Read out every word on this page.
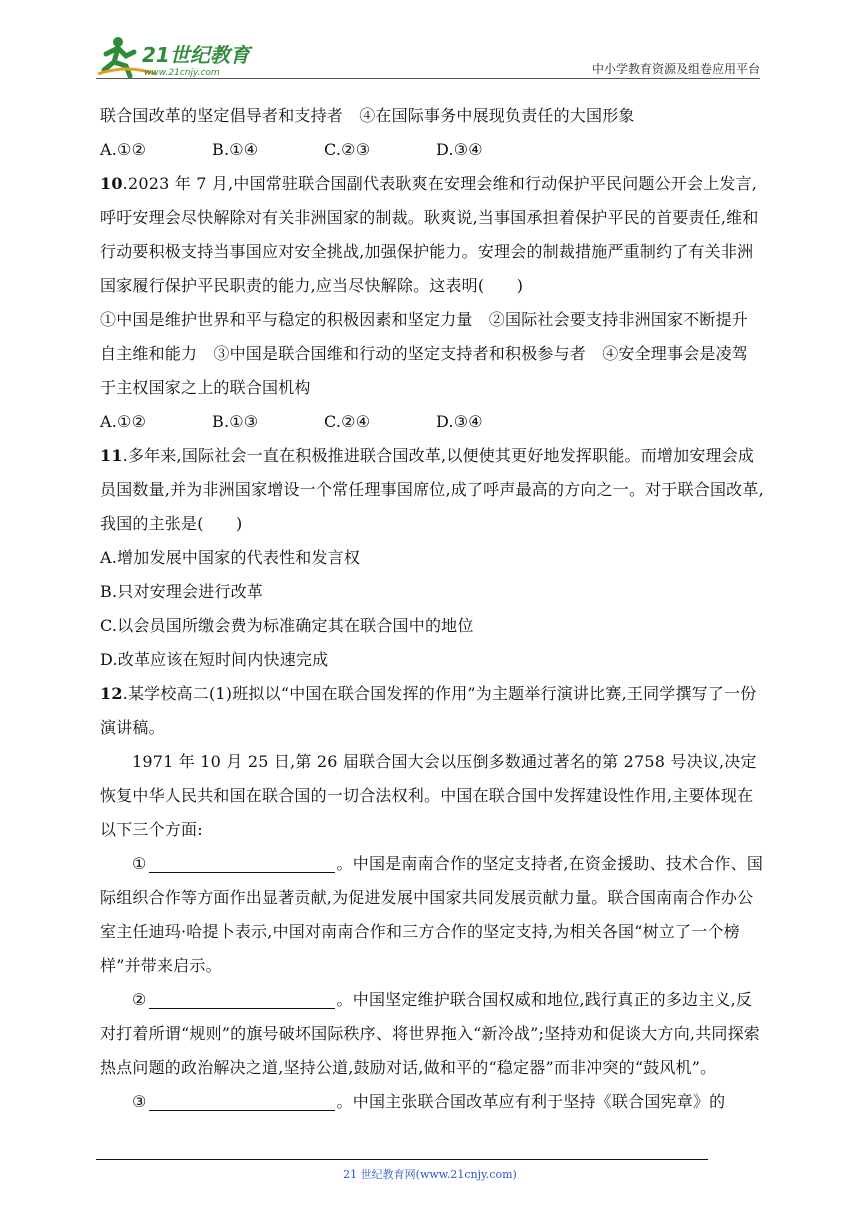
21世纪教育
www.21cnjy.com	中小学教育资源及组卷应用平台

联合国改革的坚定倡导者和支持者　④在国际事务中展现负责任的大国形象

A.①②	B.①④	C.②③	D.③④

10.2023 年 7 月,中国常驻联合国副代表耿爽在安理会维和行动保护平民问题公开会上发言,呼吁安理会尽快解除对有关非洲国家的制裁。耿爽说,当事国承担着保护平民的首要责任,维和行动要积极支持当事国应对安全挑战,加强保护能力。安理会的制裁措施严重制约了有关非洲国家履行保护平民职责的能力,应当尽快解除。这表明(　　)

①中国是维护世界和平与稳定的积极因素和坚定力量　②国际社会要支持非洲国家不断提升自主维和能力　③中国是联合国维和行动的坚定支持者和积极参与者　④安全理事会是凌驾于主权国家之上的联合国机构

A.①②	B.①③	C.②④	D.③④

11.多年来,国际社会一直在积极推进联合国改革,以便使其更好地发挥职能。而增加安理会成员国数量,并为非洲国家增设一个常任理事国席位,成了呼声最高的方向之一。对于联合国改革,我国的主张是(　　)

A.增加发展中国家的代表性和发言权

B.只对安理会进行改革

C.以会员国所缴会费为标准确定其在联合国中的地位

D.改革应该在短时间内快速完成

12.某学校高二(1)班拟以“中国在联合国发挥的作用”为主题举行演讲比赛,王同学撰写了一份演讲稿。

1971 年 10 月 25 日,第 26 届联合国大会以压倒多数通过著名的第 2758 号决议,决定恢复中华人民共和国在联合国的一切合法权利。中国在联合国中发挥建设性作用,主要体现在以下三个方面:

①	。中国是南南合作的坚定支持者,在资金援助、技术合作、国际组织合作等方面作出显著贡献,为促进发展中国家共同发展贡献力量。联合国南南合作办公室主任迪玛·哈提卜表示,中国对南南合作和三方合作的坚定支持,为相关各国“树立了一个榜样”并带来启示。

②	。中国坚定维护联合国权威和地位,践行真正的多边主义,反对打着所谓“规则”的旗号破坏国际秩序、将世界拖入“新冷战”;坚持劝和促谈大方向,共同探索热点问题的政治解决之道,坚持公道,鼓励对话,做和平的“稳定器”而非冲突的“鼓风机”。

③	。中国主张联合国改革应有利于坚持《联合国宪章》的

21 世纪教育网(www.21cnjy.com)
